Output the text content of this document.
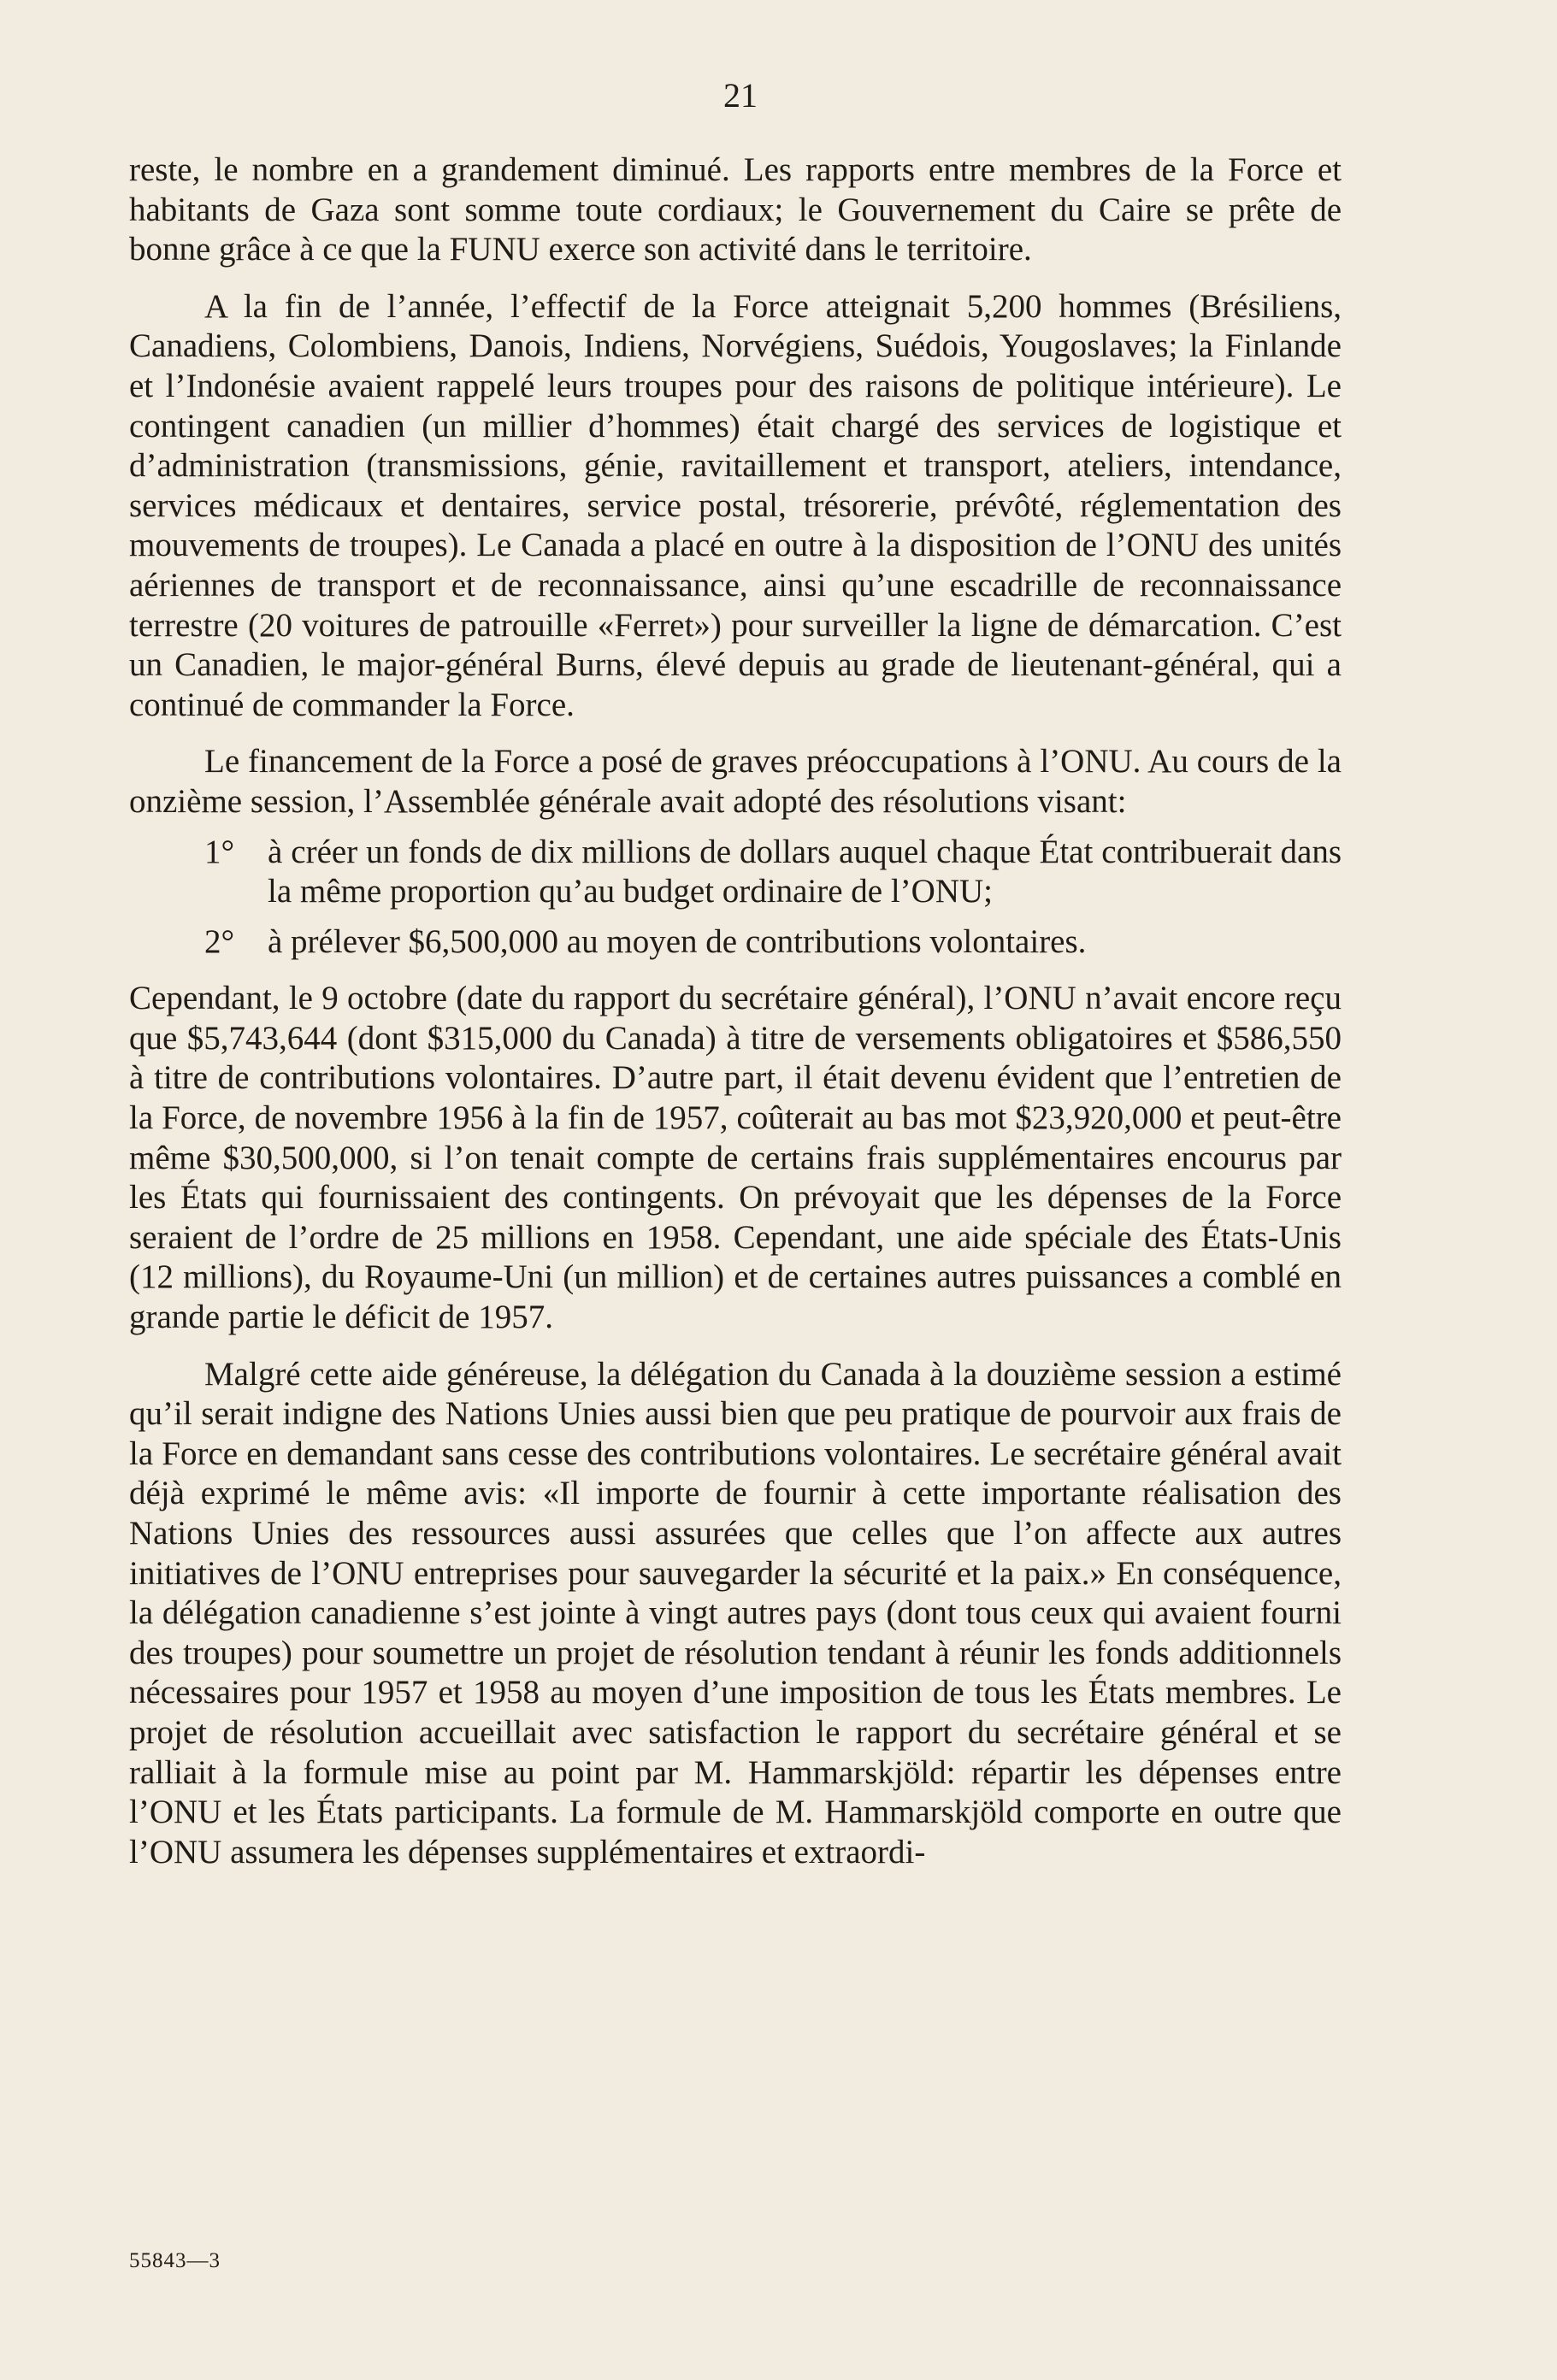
21

reste, le nombre en a grandement diminué. Les rapports entre membres de la Force et habitants de Gaza sont somme toute cordiaux; le Gouvernement du Caire se prête de bonne grâce à ce que la FUNU exerce son activité dans le territoire.

A la fin de l’année, l’effectif de la Force atteignait 5,200 hommes (Brésiliens, Canadiens, Colombiens, Danois, Indiens, Norvégiens, Suédois, Yougoslaves; la Finlande et l’Indonésie avaient rappelé leurs troupes pour des raisons de politique intérieure). Le contingent canadien (un millier d’hommes) était chargé des services de logistique et d’administration (transmissions, génie, ravitaillement et transport, ateliers, intendance, services médicaux et dentaires, service postal, trésorerie, prévôté, réglementation des mouvements de troupes). Le Canada a placé en outre à la disposition de l’ONU des unités aériennes de transport et de reconnaissance, ainsi qu’une escadrille de reconnaissance terrestre (20 voitures de patrouille «Ferret») pour surveiller la ligne de démarcation. C’est un Canadien, le major-général Burns, élevé depuis au grade de lieutenant-général, qui a continué de commander la Force.

Le financement de la Force a posé de graves préoccupations à l’ONU. Au cours de la onzième session, l’Assemblée générale avait adopté des résolutions visant:

1° à créer un fonds de dix millions de dollars auquel chaque État contribuerait dans la même proportion qu’au budget ordinaire de l’ONU;
2° à prélever $6,500,000 au moyen de contributions volontaires.

Cependant, le 9 octobre (date du rapport du secrétaire général), l’ONU n’avait encore reçu que $5,743,644 (dont $315,000 du Canada) à titre de versements obligatoires et $586,550 à titre de contributions volontaires. D’autre part, il était devenu évident que l’entretien de la Force, de novembre 1956 à la fin de 1957, coûterait au bas mot $23,920,000 et peut-être même $30,500,000, si l’on tenait compte de certains frais supplémentaires encourus par les États qui fournissaient des contingents. On prévoyait que les dépenses de la Force seraient de l’ordre de 25 millions en 1958. Cependant, une aide spéciale des États-Unis (12 millions), du Royaume-Uni (un million) et de certaines autres puissances a comblé en grande partie le déficit de 1957.

Malgré cette aide généreuse, la délégation du Canada à la douzième session a estimé qu’il serait indigne des Nations Unies aussi bien que peu pratique de pourvoir aux frais de la Force en demandant sans cesse des contributions volontaires. Le secrétaire général avait déjà exprimé le même avis: «Il importe de fournir à cette importante réalisation des Nations Unies des ressources aussi assurées que celles que l’on affecte aux autres initiatives de l’ONU entreprises pour sauvegarder la sécurité et la paix.» En conséquence, la délégation canadienne s’est jointe à vingt autres pays (dont tous ceux qui avaient fourni des troupes) pour soumettre un projet de résolution tendant à réunir les fonds additionnels nécessaires pour 1957 et 1958 au moyen d’une imposition de tous les États membres. Le projet de résolution accueillait avec satisfaction le rapport du secrétaire général et se ralliait à la formule mise au point par M. Hammarskjöld: répartir les dépenses entre l’ONU et les États participants. La formule de M. Hammarskjöld comporte en outre que l’ONU assumera les dépenses supplémentaires et extraordi-

55843—3
